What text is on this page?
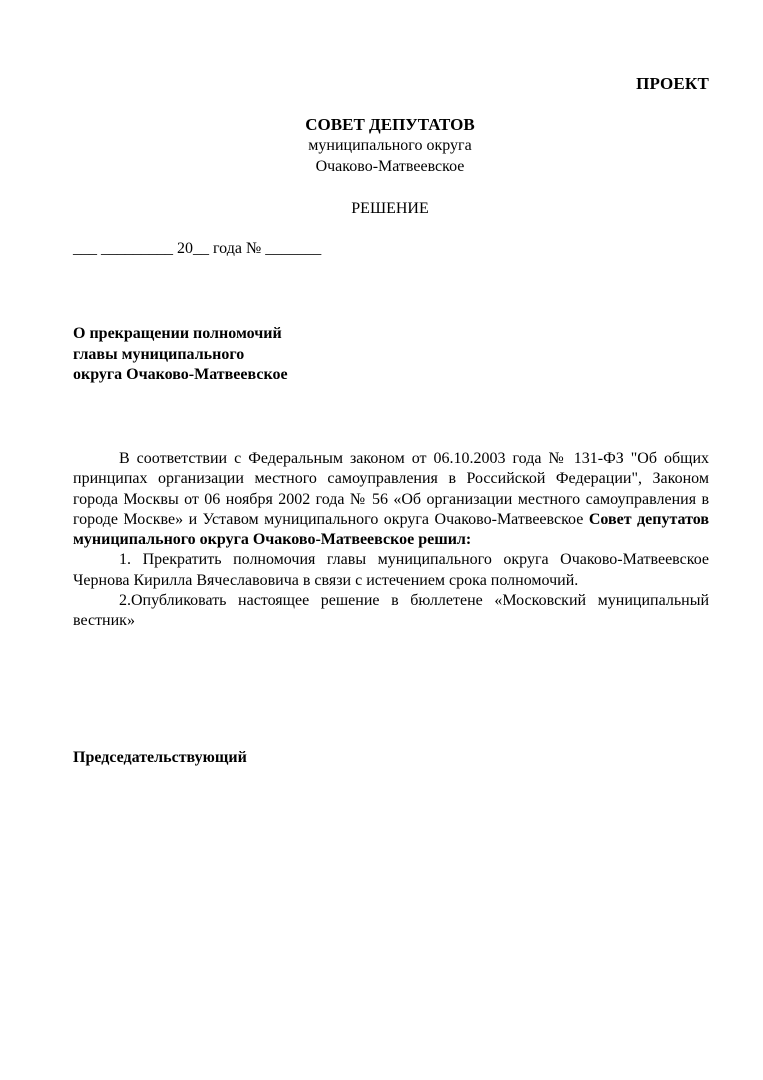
ПРОЕКТ
СОВЕТ ДЕПУТАТОВ
муниципального округа
Очаково-Матвеевское
РЕШЕНИЕ
___ _________ 20__ года № _______
О прекращении полномочий
главы муниципального
округа Очаково-Матвеевское

В соответствии с Федеральным законом от 06.10.2003 года № 131-ФЗ "Об общих принципах организации местного самоуправления в Российской Федерации", Законом города Москвы от 06 ноября 2002 года № 56 «Об организации местного самоуправления в городе Москве» и Уставом муниципального округа Очаково-Матвеевское Совет депутатов муниципального округа Очаково-Матвеевское решил:

1. Прекратить полномочия главы муниципального округа Очаково-Матвеевское Чернова Кирилла Вячеславовича в связи с истечением срока полномочий.

2.Опубликовать настоящее решение в бюллетене «Московский муниципальный вестник»

Председательствующий
